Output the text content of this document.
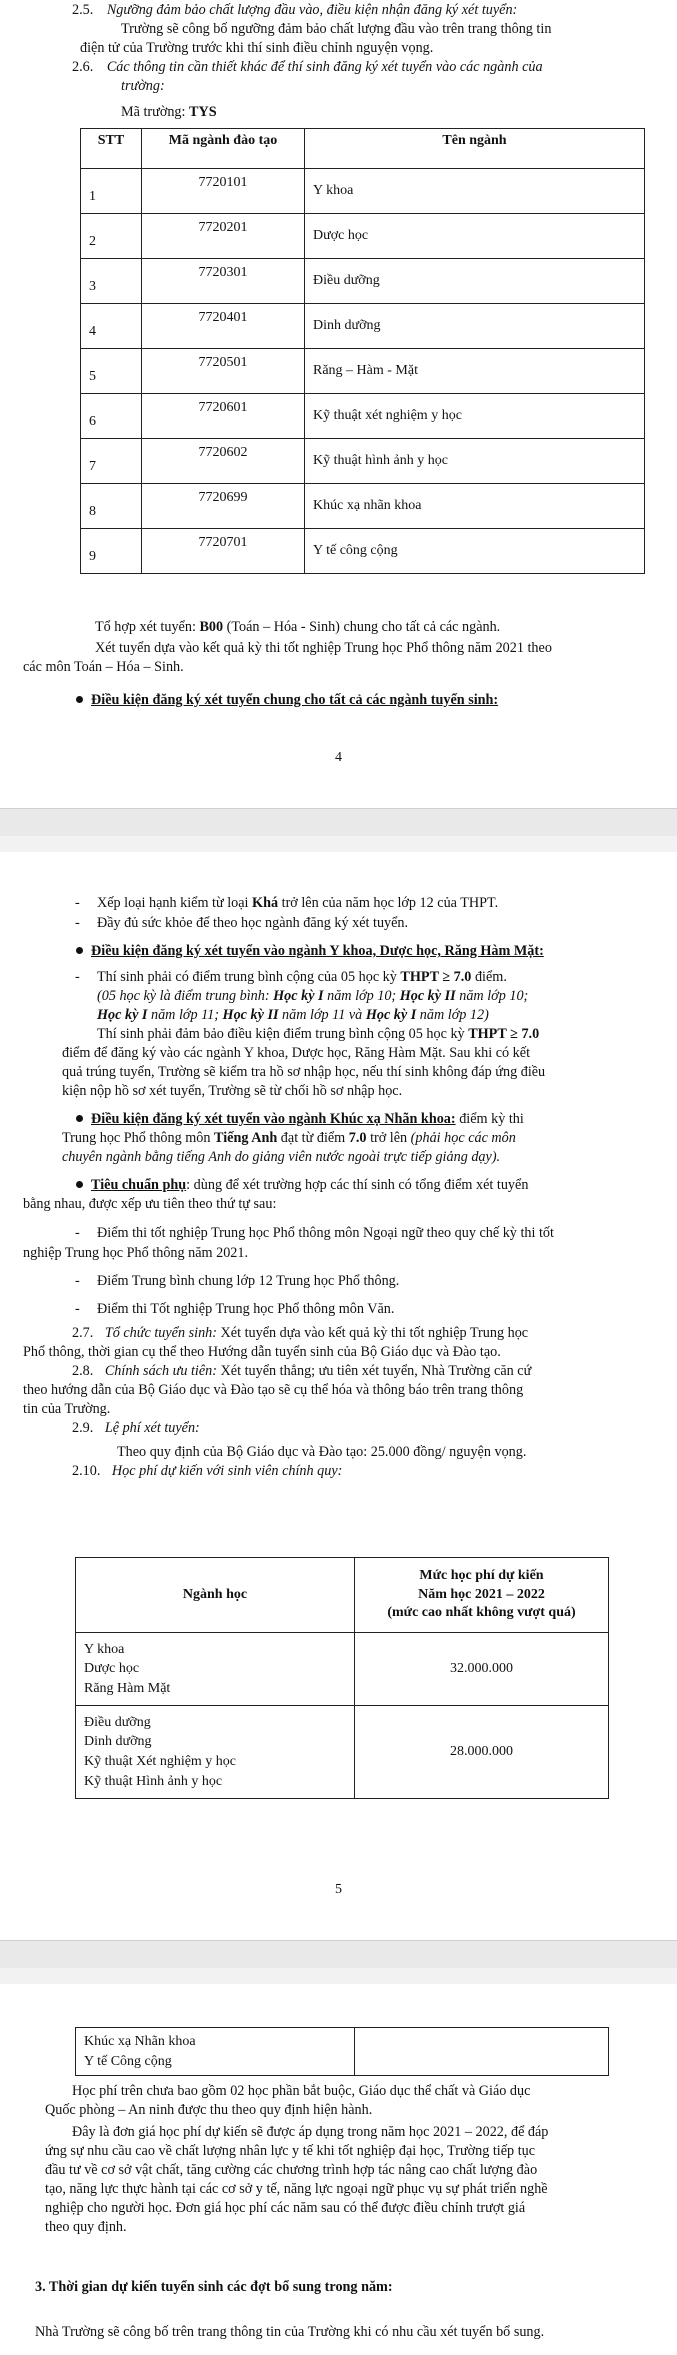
2.5. Ngưỡng đảm bảo chất lượng đầu vào, điều kiện nhận đăng ký xét tuyển:
Trường sẽ công bố ngưỡng đảm bảo chất lượng đầu vào trên trang thông tin
điện tử của Trường trước khi thí sinh điều chỉnh nguyện vọng.
2.6. Các thông tin cần thiết khác để thí sinh đăng ký xét tuyển vào các ngành của
trường:
Mã trường: TYS
STT	Mã ngành đào tạo	Tên ngành
1	7720101	Y khoa
2	7720201	Dược học
3	7720301	Điều dưỡng
4	7720401	Dinh dưỡng
5	7720501	Răng – Hàm - Mặt
6	7720601	Kỹ thuật xét nghiệm y học
7	7720602	Kỹ thuật hình ảnh y học
8	7720699	Khúc xạ nhãn khoa
9	7720701	Y tế công cộng
Tổ hợp xét tuyển: B00 (Toán – Hóa - Sinh) chung cho tất cả các ngành.
Xét tuyển dựa vào kết quả kỳ thi tốt nghiệp Trung học Phổ thông năm 2021 theo
các môn Toán – Hóa – Sinh.
Điều kiện đăng ký xét tuyển chung cho tất cả các ngành tuyển sinh:
4
- Xếp loại hạnh kiểm từ loại Khá trở lên của năm học lớp 12 của THPT.
- Đầy đủ sức khỏe để theo học ngành đăng ký xét tuyển.
Điều kiện đăng ký xét tuyển vào ngành Y khoa, Dược học, Răng Hàm Mặt:
- Thí sinh phải có điểm trung bình cộng của 05 học kỳ THPT ≥ 7.0 điểm.
(05 học kỳ là điểm trung bình: Học kỳ I năm lớp 10; Học kỳ II năm lớp 10;
Học kỳ I năm lớp 11; Học kỳ II năm lớp 11 và Học kỳ I năm lớp 12)
Thí sinh phải đảm bảo điều kiện điểm trung bình cộng 05 học kỳ THPT ≥ 7.0
điểm để đăng ký vào các ngành Y khoa, Dược học, Răng Hàm Mặt. Sau khi có kết
quả trúng tuyển, Trường sẽ kiểm tra hồ sơ nhập học, nếu thí sinh không đáp ứng điều
kiện nộp hồ sơ xét tuyển, Trường sẽ từ chối hồ sơ nhập học.
Điều kiện đăng ký xét tuyển vào ngành Khúc xạ Nhãn khoa: điểm kỳ thi
Trung học Phổ thông môn Tiếng Anh đạt từ điểm 7.0 trở lên (phải học các môn
chuyên ngành bằng tiếng Anh do giảng viên nước ngoài trực tiếp giảng dạy).
Tiêu chuẩn phụ: dùng để xét trường hợp các thí sinh có tổng điểm xét tuyển
bằng nhau, được xếp ưu tiên theo thứ tự sau:
- Điểm thi tốt nghiệp Trung học Phổ thông môn Ngoại ngữ theo quy chế kỳ thi tốt
nghiệp Trung học Phổ thông năm 2021.
- Điểm Trung bình chung lớp 12 Trung học Phổ thông.
- Điểm thi Tốt nghiệp Trung học Phổ thông môn Văn.
2.7. Tổ chức tuyển sinh: Xét tuyển dựa vào kết quả kỳ thi tốt nghiệp Trung học
Phổ thông, thời gian cụ thể theo Hướng dẫn tuyển sinh của Bộ Giáo dục và Đào tạo.
2.8. Chính sách ưu tiên: Xét tuyển thẳng; ưu tiên xét tuyển, Nhà Trường căn cứ
theo hướng dẫn của Bộ Giáo dục và Đào tạo sẽ cụ thể hóa và thông báo trên trang thông
tin của Trường.
2.9. Lệ phí xét tuyển:
Theo quy định của Bộ Giáo dục và Đào tạo: 25.000 đồng/ nguyện vọng.
2.10. Học phí dự kiến với sinh viên chính quy:
Ngành học	Mức học phí dự kiến
Năm học 2021 – 2022
(mức cao nhất không vượt quá)

Y khoa
Dược học
Răng Hàm Mặt	32.000.000

Điều dưỡng
Dinh dưỡng
Kỹ thuật Xét nghiệm y học
Kỹ thuật Hình ảnh y học	28.000.000
5
Khúc xạ Nhãn khoa
Y tế Công cộng

Học phí trên chưa bao gồm 02 học phần bắt buộc, Giáo dục thể chất và Giáo dục
Quốc phòng – An ninh được thu theo quy định hiện hành.
Đây là đơn giá học phí dự kiến sẽ được áp dụng trong năm học 2021 – 2022, để đáp
ứng sự nhu cầu cao về chất lượng nhân lực y tế khi tốt nghiệp đại học, Trường tiếp tục
đầu tư về cơ sở vật chất, tăng cường các chương trình hợp tác nâng cao chất lượng đào
tạo, năng lực thực hành tại các cơ sở y tế, năng lực ngoại ngữ phục vụ sự phát triển nghề
nghiệp cho người học. Đơn giá học phí các năm sau có thể được điều chỉnh trượt giá
theo quy định.
3. Thời gian dự kiến tuyển sinh các đợt bổ sung trong năm:
Nhà Trường sẽ công bố trên trang thông tin của Trường khi có nhu cầu xét tuyển bổ sung.
